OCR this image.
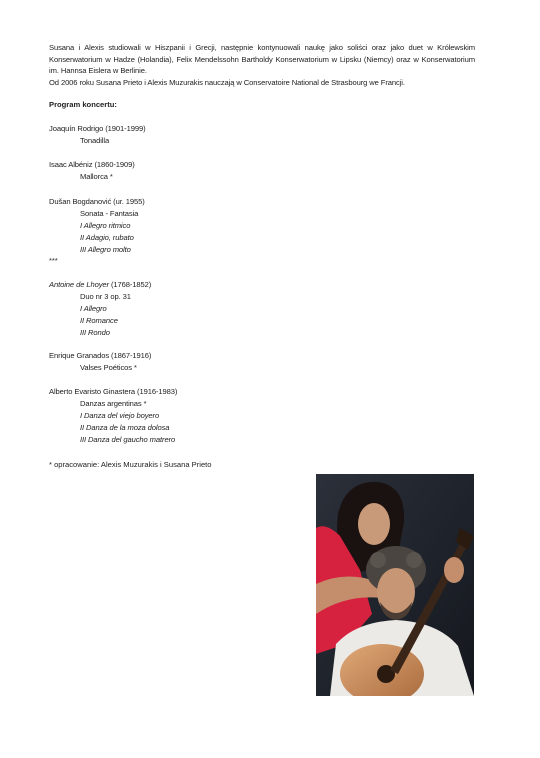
Susana i Alexis studiowali w Hiszpanii i Grecji, następnie kontynuowali naukę jako soliści oraz jako duet w Królewskim Konserwatorium w Hadze (Holandia), Felix Mendelssohn Bartholdy Konserwatorium w Lipsku (Niemcy) oraz w Konserwatorium im. Hannsa Eislera w Berlinie.

Od 2006 roku Susana Prieto i Alexis Muzurakis nauczają w Conservatoire National de Strasbourg we Francji.

Program koncertu:

Joaquín Rodrigo (1901-1999)

Tonadilla

Isaac Albéniz (1860-1909)

Mallorca *

Dušan Bogdanović (ur. 1955)

Sonata - Fantasia

I Allegro ritmico

II Adagio, rubato

III Allegro molto

***

Antoine de Lhoyer (1768-1852)

Duo nr 3 op. 31

I Allegro

II Romance

III Rondo

Enrique Granados (1867-1916)

Valses Poéticos *

Alberto Evaristo Ginastera (1916-1983)

Danzas argentinas *

I Danza del viejo boyero

II Danza de la moza dolosa

III Danza del gaucho matrero

* opracowanie: Alexis Muzurakis i Susana Prieto
